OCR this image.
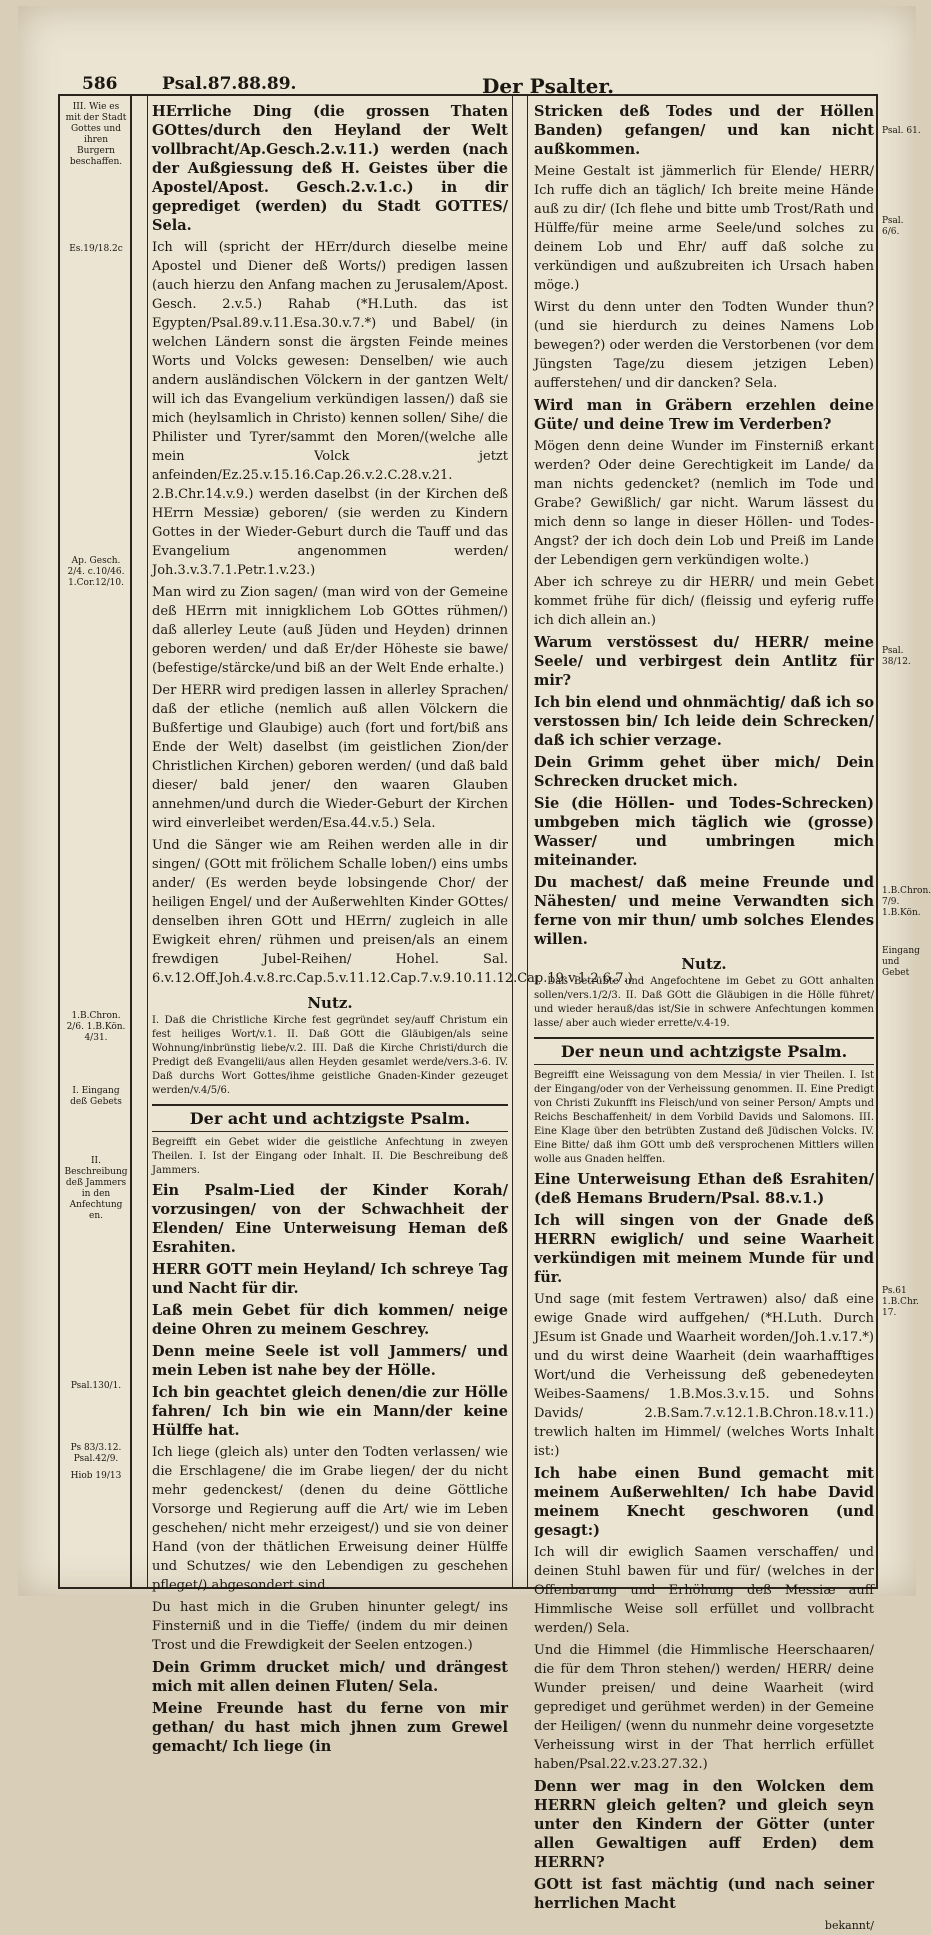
586	Psal.87.88.89.	Der Psalter.
III. Wie es mit der Stadt Gottes und ihren Burgern beschaffen.
Es.19/18.2c
Ap. Gesch. 2/4. c.10/46. 1.Cor.12/10.
1.B.Chron. 2/6. 1.B.Kön. 4/31.
I. Eingang deß Gebets
II. Beschreibung deß Jammers in den Anfechtung en.
Psal.130/1.
Ps 83/3.12. Psal.42/9.
Hiob 19/13

HErrliche Ding (die grossen Thaten GOttes/durch den Heyland der Welt vollbracht/Ap.Gesch.2.v.11.) werden (nach der Außgiessung deß H. Geistes über die Apostel/Apost. Gesch.2.v.1.c.) in dir geprediget (werden) du Stadt GOTTES/ Sela.

Ich will (spricht der HErr/durch dieselbe meine Apostel und Diener deß Worts/) predigen lassen (auch hierzu den Anfang machen zu Jerusalem/Apost. Gesch. 2.v.5.) Rahab (*H.Luth. das ist Egypten/Psal.89.v.11.Esa.30.v.7.*) und Babel/ (in welchen Ländern sonst die ärgsten Feinde meines Worts und Volcks gewesen: Denselben/ wie auch andern ausländischen Völckern in der gantzen Welt/ will ich das Evangelium verkündigen lassen/) daß sie mich (heylsamlich in Christo) kennen sollen/ Sihe/ die Philister und Tyrer/sammt den Moren/(welche alle mein Volck jetzt anfeinden/Ez.25.v.15.16.Cap.26.v.2.C.28.v.21. 2.B.Chr.14.v.9.) werden daselbst (in der Kirchen deß HErrn Messiæ) geboren/ (sie werden zu Kindern Gottes in der Wieder-Geburt durch die Tauff und das Evangelium angenommen werden/ Joh.3.v.3.7.1.Petr.1.v.23.)

Man wird zu Zion sagen/ (man wird von der Gemeine deß HErrn mit innigklichem Lob GOttes rühmen/) daß allerley Leute (auß Jüden und Heyden) drinnen geboren werden/ und daß Er/der Höheste sie bawe/ (befestige/stärcke/und biß an der Welt Ende erhalte.)

Der HERR wird predigen lassen in allerley Sprachen/ daß der etliche (nemlich auß allen Völckern die Bußfertige und Glaubige) auch (fort und fort/biß ans Ende der Welt) daselbst (im geistlichen Zion/der Christlichen Kirchen) geboren werden/ (und daß bald dieser/ bald jener/ den waaren Glauben annehmen/und durch die Wieder-Geburt der Kirchen wird einverleibet werden/Esa.44.v.5.) Sela.

Und die Sänger wie am Reihen werden alle in dir singen/ (GOtt mit frölichem Schalle loben/) eins umbs ander/ (Es werden beyde lobsingende Chor/ der heiligen Engel/ und der Außerwehlten Kinder GOttes/ denselben ihren GOtt und HErrn/ zugleich in alle Ewigkeit ehren/ rühmen und preisen/als an einem frewdigen Jubel-Reihen/ Hohel. Sal. 6.v.12.Off.Joh.4.v.8.rc.Cap.5.v.11.12.Cap.7.v.9.10.11.12.Cap.19.v.1.2.6.7.)

Nutz.

I. Daß die Christliche Kirche fest gegründet sey/auff Christum ein fest heiliges Wort/v.1. II. Daß GOtt die Gläubigen/als seine Wohnung/inbrünstig liebe/v.2. III. Daß die Kirche Christi/durch die Predigt deß Evangelii/aus allen Heyden gesamlet werde/vers.3-6. IV. Daß durchs Wort Gottes/ihme geistliche Gnaden-Kinder gezeuget werden/v.4/5/6.

Der acht und achtzigste Psalm.

Begreifft ein Gebet wider die geistliche Anfechtung in zweyen Theilen. I. Ist der Eingang oder Inhalt. II. Die Beschreibung deß Jammers.

Ein Psalm-Lied der Kinder Korah/ vorzusingen/ von der Schwachheit der Elenden/ Eine Unterweisung Heman deß Esrahiten.

HERR GOTT mein Heyland/ Ich schreye Tag und Nacht für dir.

Laß mein Gebet für dich kommen/ neige deine Ohren zu meinem Geschrey.

Denn meine Seele ist voll Jammers/ und mein Leben ist nahe bey der Hölle.

Ich bin geachtet gleich denen/die zur Hölle fahren/ Ich bin wie ein Mann/der keine Hülffe hat.

Ich liege (gleich als) unter den Todten verlassen/ wie die Erschlagene/ die im Grabe liegen/ der du nicht mehr gedenckest/ (denen du deine Göttliche Vorsorge und Regierung auff die Art/ wie im Leben geschehen/ nicht mehr erzeigest/) und sie von deiner Hand (von der thätlichen Erweisung deiner Hülffe und Schutzes/ wie den Lebendigen zu geschehen pfleget/) abgesondert sind.

Du hast mich in die Gruben hinunter gelegt/ ins Finsterniß und in die Tieffe/ (indem du mir deinen Trost und die Frewdigkeit der Seelen entzogen.)

Dein Grimm drucket mich/ und drängest mich mit allen deinen Fluten/ Sela.

Meine Freunde hast du ferne von mir gethan/ du hast mich jhnen zum Grewel gemacht/ Ich liege (in

Stricken deß Todes und der Höllen Banden) gefangen/ und kan nicht außkommen.

Meine Gestalt ist jämmerlich für Elende/ HERR/ Ich ruffe dich an täglich/ Ich breite meine Hände auß zu dir/ (Ich flehe und bitte umb Trost/Rath und Hülffe/für meine arme Seele/und solches zu deinem Lob und Ehr/ auff daß solche zu verkündigen und außzubreiten ich Ursach haben möge.)

Wirst du denn unter den Todten Wunder thun? (und sie hierdurch zu deines Namens Lob bewegen?) oder werden die Verstorbenen (vor dem Jüngsten Tage/zu diesem jetzigen Leben) aufferstehen/ und dir dancken? Sela.

Wird man in Gräbern erzehlen deine Güte/ und deine Trew im Verderben?

Mögen denn deine Wunder im Finsterniß erkant werden? Oder deine Gerechtigkeit im Lande/ da man nichts gedencket? (nemlich im Tode und Grabe? Gewißlich/ gar nicht. Warum lässest du mich denn so lange in dieser Höllen- und Todes-Angst? der ich doch dein Lob und Preiß im Lande der Lebendigen gern verkündigen wolte.)

Aber ich schreye zu dir HERR/ und mein Gebet kommet frühe für dich/ (fleissig und eyferig ruffe ich dich allein an.)

Warum verstössest du/ HERR/ meine Seele/ und verbirgest dein Antlitz für mir?

Ich bin elend und ohnmächtig/ daß ich so verstossen bin/ Ich leide dein Schrecken/ daß ich schier verzage.

Dein Grimm gehet über mich/ Dein Schrecken drucket mich.

Sie (die Höllen- und Todes-Schrecken) umbgeben mich täglich wie (grosse) Wasser/ und umbringen mich miteinander.

Du machest/ daß meine Freunde und Nähesten/ und meine Verwandten sich ferne von mir thun/ umb solches Elendes willen.

Nutz.

I. Daß Betrübte und Angefochtene im Gebet zu GOtt anhalten sollen/vers.1/2/3. II. Daß GOtt die Gläubigen in die Hölle führet/ und wieder herauß/das ist/Sie in schwere Anfechtungen kommen lasse/ aber auch wieder errette/v.4-19.

Der neun und achtzigste Psalm.

Begreifft eine Weissagung von dem Messia/ in vier Theilen. I. Ist der Eingang/oder von der Verheissung genommen. II. Eine Predigt von Christi Zukunfft ins Fleisch/und von seiner Person/ Ampts und Reichs Beschaffenheit/ in dem Vorbild Davids und Salomons. III. Eine Klage über den betrübten Zustand deß Jüdischen Volcks. IV. Eine Bitte/ daß ihm GOtt umb deß versprochenen Mittlers willen wolle aus Gnaden helffen.

Eine Unterweisung Ethan deß Esrahiten/ (deß Hemans Brudern/Psal. 88.v.1.)

Ich will singen von der Gnade deß HERRN ewiglich/ und seine Waarheit verkündigen mit meinem Munde für und für.

Und sage (mit festem Vertrawen) also/ daß eine ewige Gnade wird auffgehen/ (*H.Luth. Durch JEsum ist Gnade und Waarheit worden/Joh.1.v.17.*) und du wirst deine Waarheit (dein waarhafftiges Wort/und die Verheissung deß gebenedeyten Weibes-Saamens/ 1.B.Mos.3.v.15. und Sohns Davids/ 2.B.Sam.7.v.12.1.B.Chron.18.v.11.) trewlich halten im Himmel/ (welches Worts Inhalt ist:)

Ich habe einen Bund gemacht mit meinem Außerwehlten/ Ich habe David meinem Knecht geschworen (und gesagt:)

Ich will dir ewiglich Saamen verschaffen/ und deinen Stuhl bawen für und für/ (welches in der Offenbarung und Erhöhung deß Messiæ auff Himmlische Weise soll erfüllet und vollbracht werden/) Sela.

Und die Himmel (die Himmlische Heerschaaren/ die für dem Thron stehen/) werden/ HERR/ deine Wunder preisen/ und deine Waarheit (wird geprediget und gerühmet werden) in der Gemeine der Heiligen/ (wenn du nunmehr deine vorgesetzte Verheissung wirst in der That herrlich erfüllet haben/Psal.22.v.23.27.32.)

Denn wer mag in den Wolcken dem HERRN gleich gelten? und gleich seyn unter den Kindern der Götter (unter allen Gewaltigen auff Erden) dem HERRN?

GOtt ist fast mächtig (und nach seiner herrlichen Macht

bekannt/

Psal. 61.
Psal. 6/6.
Psal. 38/12.
1.B.Chron. 7/9. 1.B.Kön.
Eingang und Gebet
Ps.61 1.B.Chr. 17.
